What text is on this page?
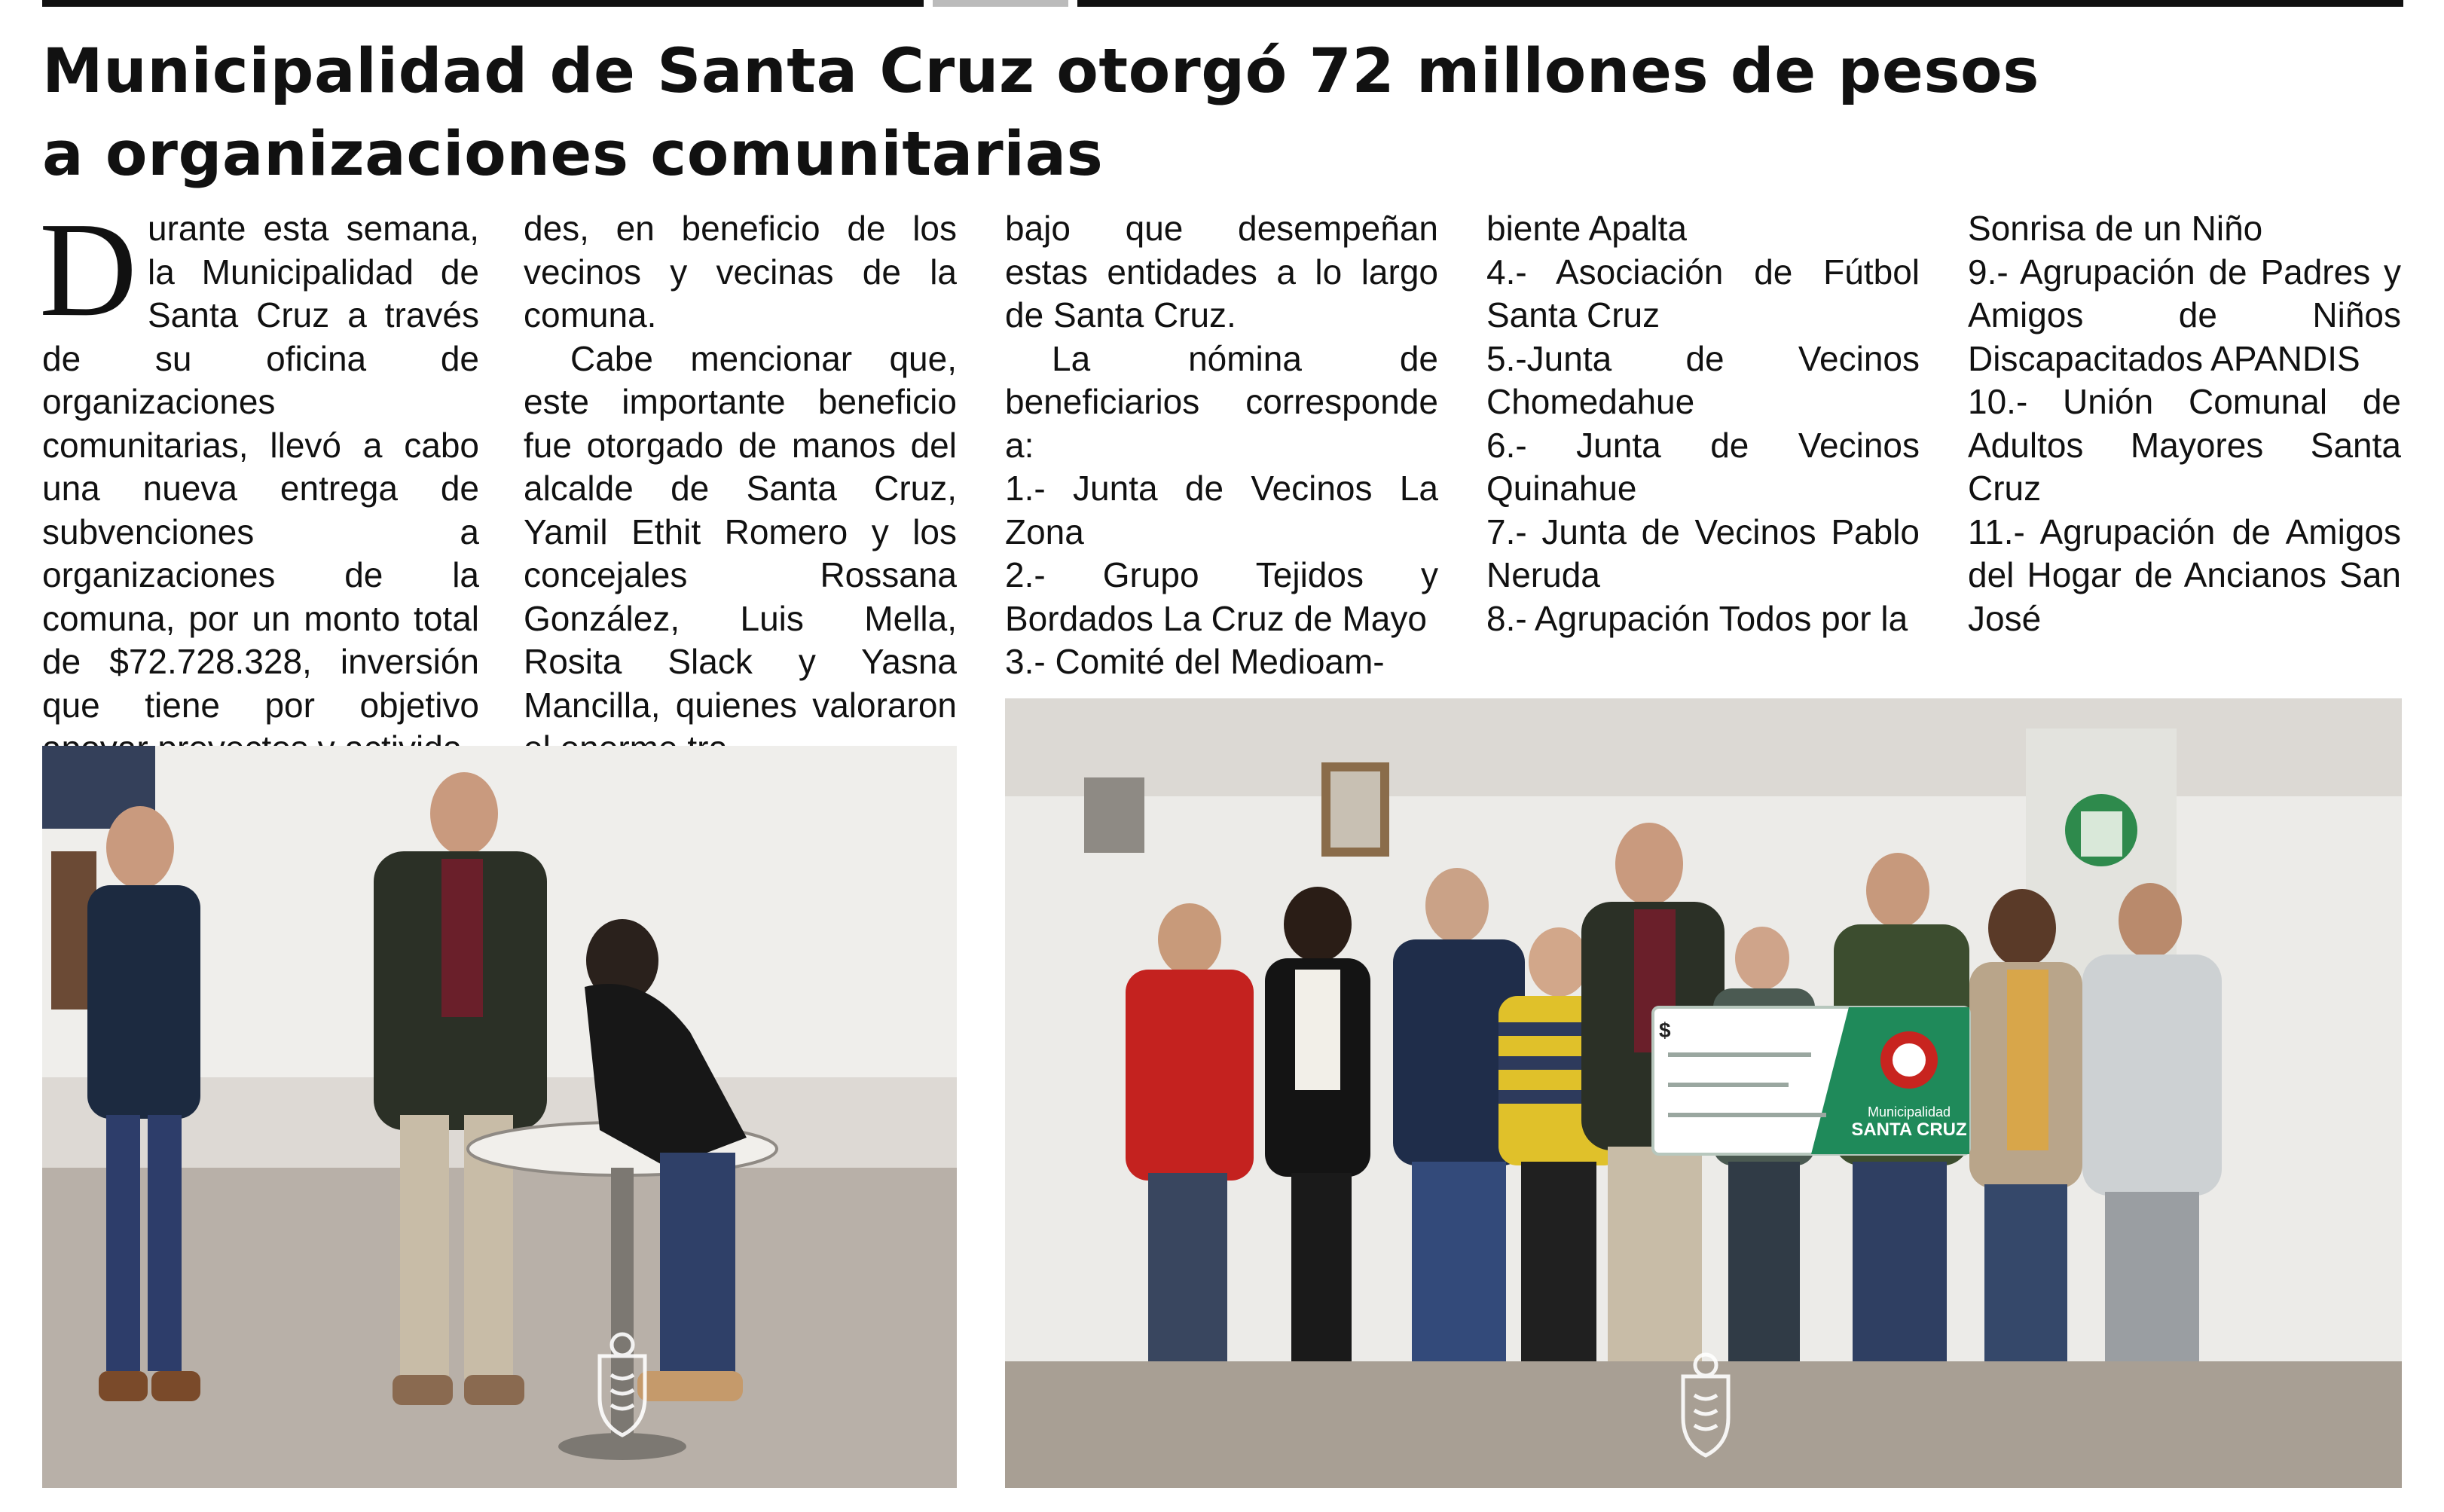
Municipalidad de Santa Cruz otorgó 72 millones de pesos
a organizaciones comunitarias

Durante esta semana, la Municipalidad de Santa Cruz a través de su oficina de organizaciones comunitarias, llevó a cabo una nueva entrega de subvenciones a organizaciones de la comuna, por un monto total de $72.728.328, inversión que tiene por objetivo

des, en beneficio de los vecinos y vecinas de la comuna.

Cabe mencionar que, este importante beneficio fue otorgado de manos del alcalde de Santa Cruz, Yamil Ethit Romero y los concejales Rossana González, Luis Mella, Rosita Slack y Yasna Mancilla, quienes valoraron

bajo que desempeñan estas entidades a lo largo de Santa Cruz.

La nómina de beneficiarios corresponde a:

1.- Junta de Vecinos La Zona

2.- Grupo Tejidos y Bordados La Cruz de Mayo

3.- Comité del Medioam-

biente Apalta

4.- Asociación de Fútbol Santa Cruz

5.-Junta de Vecinos Chomedahue

6.- Junta de Vecinos Quinahue

7.- Junta de Vecinos Pablo Neruda

8.- Agrupación Todos por la

Sonrisa de un Niño

9.- Agrupación de Padres y Amigos de Niños Discapacitados APANDIS

10.- Unión Comunal de Adultos Mayores Santa Cruz

11.- Agrupación de Amigos del Hogar de Ancianos San José

$
Municipalidad
SANTA CRUZ
